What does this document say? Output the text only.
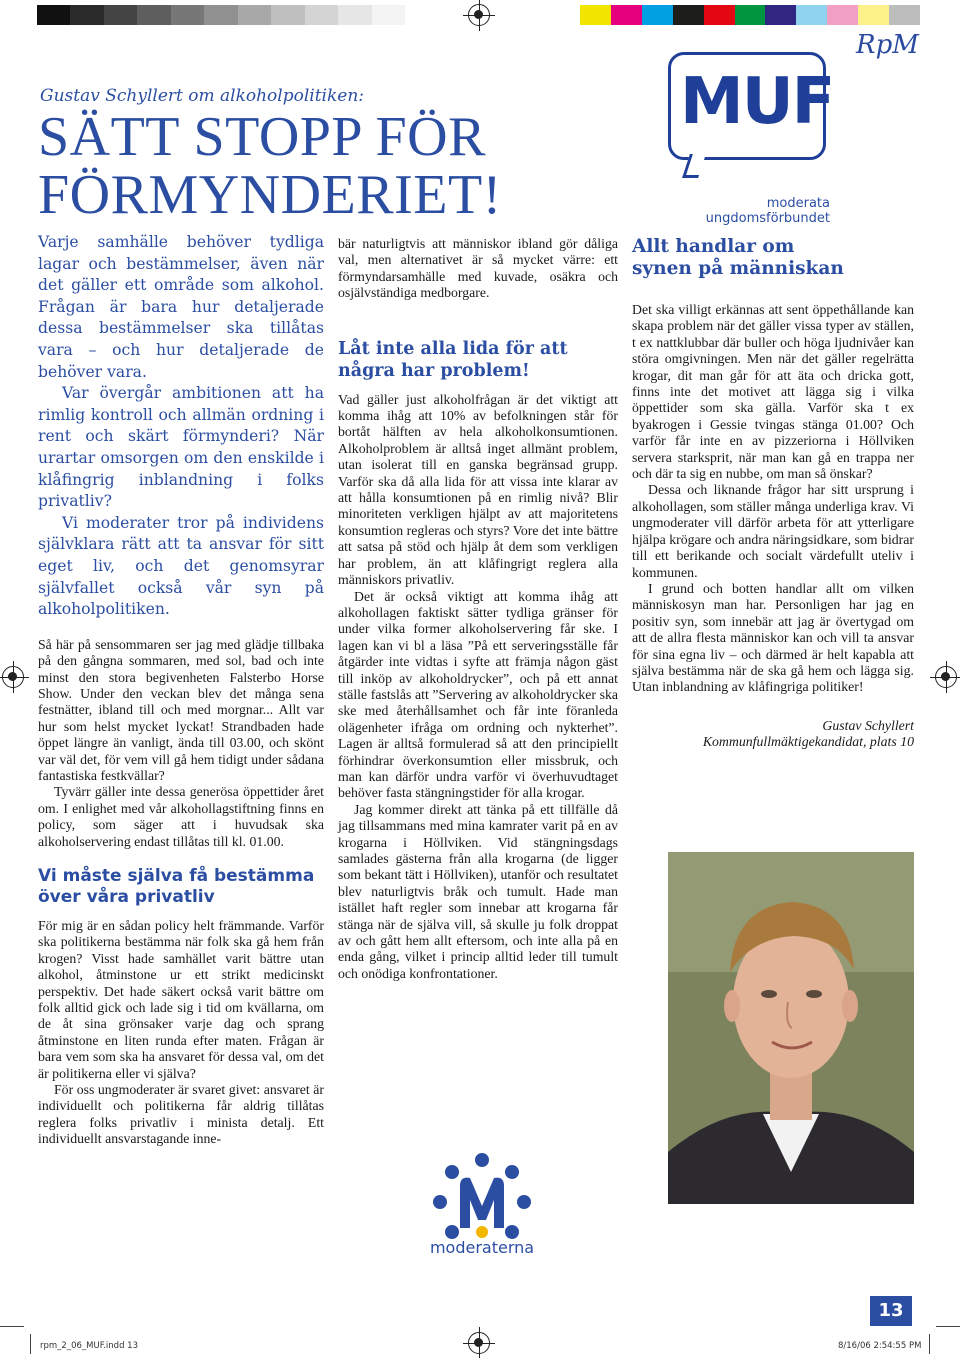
RpM
Gustav Schyllert om alkoholpolitiken:
SÄTT STOPP FÖR FÖRMYNDERIET!

Varje samhälle behöver tydliga lagar och bestämmelser, även när det gäller ett område som alkohol. Frågan är bara hur detaljerade dessa bestämmelser ska tillåtas vara – och hur detaljerade de behöver vara.

Var övergår ambitionen att ha rimlig kontroll och allmän ordning i rent och skärt förmynderi? När urartar omsorgen om den enskilde i klåfingrig inblandning i folks privatliv?

Vi moderater tror på individens självklara rätt att ta ansvar för sitt eget liv, och det genomsyrar självfallet också vår syn på alkoholpolitiken.

Så här på sensommaren ser jag med glädje tillbaka på den gångna sommaren, med sol, bad och inte minst den stora begivenheten Falsterbo Horse Show. Under den veckan blev det många sena festnätter, ibland till och med morgnar... Allt var hur som helst mycket lyckat! Strandbaden hade öppet längre än vanligt, ända till 03.00, och skönt var väl det, för vem vill gå hem tidigt under sådana fantastiska festkvällar?

Tyvärr gäller inte dessa generösa öppettider året om. I enlighet med vår alkohollagstiftning finns en policy, som säger att i huvudsak ska alkoholservering endast tillåtas till kl. 01.00.

Vi måste själva få bestämma över våra privatliv

För mig är en sådan policy helt främmande. Varför ska politikerna bestämma när folk ska gå hem från krogen? Visst hade samhället varit bättre utan alkohol, åtminstone ur ett strikt medicinskt perspektiv. Det hade säkert också varit bättre om folk alltid gick och lade sig i tid om kvällarna, om de åt sina grönsaker varje dag och sprang åtminstone en liten runda efter maten. Frågan är bara vem som ska ha ansvaret för dessa val, om det är politikerna eller vi själva?

För oss ungmoderater är svaret givet: ansvaret är individuellt och politikerna får aldrig tillåtas reglera folks privatliv i minista detalj. Ett individuellt ansvarstagande inne-

bär naturligtvis att människor ibland gör dåliga val, men alternativet är så mycket värre: ett förmyndarsamhälle med kuvade, osäkra och osjälvständiga medborgare.

Låt inte alla lida för att några har problem!

Vad gäller just alkoholfrågan är det viktigt att komma ihåg att 10% av befolkningen står för bortåt hälften av hela alkoholkonsumtionen. Alkoholproblem är alltså inget allmänt problem, utan isolerat till en ganska begränsad grupp. Varför ska då alla lida för att vissa inte klarar av att hålla konsumtionen på en rimlig nivå? Blir minoriteten verkligen hjälpt av att majoritetens konsumtion regleras och styrs? Vore det inte bättre att satsa på stöd och hjälp åt dem som verkligen har problem, än att klåfingrigt reglera alla människors privatliv.

Det är också viktigt att komma ihåg att alkohollagen faktiskt sätter tydliga gränser för under vilka former alkoholservering får ske. I lagen kan vi bl a läsa ”På ett serveringsställe får åtgärder inte vidtas i syfte att främja någon gäst till inköp av alkoholdrycker”, och på ett annat ställe fastslås att ”Servering av alkoholdrycker ska ske med återhållsamhet och får inte föranleda olägenheter ifråga om ordning och nykterhet”. Lagen är alltså formulerad så att den principiellt förhindrar överkonsumtion eller missbruk, och man kan därför undra varför vi överhuvudtaget behöver fasta stängningstider för alla krogar.

Jag kommer direkt att tänka på ett tillfälle då jag tillsammans med mina kamrater varit på en av krogarna i Höllviken. Vid stängningsdags samlades gästerna från alla krogarna (de ligger som bekant tätt i Höllviken), utanför och resultatet blev naturligtvis bråk och tumult. Hade man istället haft regler som innebar att krogarna får stänga när de själva vill, så skulle ju folk droppat av och gått hem allt eftersom, och inte alla på en enda gång, vilket i princip alltid leder till tumult och onödiga konfrontationer.

MUF
moderata
ungdomsförbundet
Allt handlar om synen på människan

Det ska villigt erkännas att sent öppethållande kan skapa problem när det gäller vissa typer av ställen, t ex nattklubbar där buller och höga ljudnivåer kan störa omgivningen. Men när det gäller regelrätta krogar, dit man går för att äta och dricka gott, finns inte det motivet att lägga sig i vilka öppettider som ska gälla. Varför ska t ex byakrogen i Gessie tvingas stänga 01.00? Och varför får inte en av pizzeriorna i Höllviken servera starksprit, när man kan gå en trappa ner och där ta sig en nubbe, om man så önskar?

Dessa och liknande frågor har sitt ursprung i alkohollagen, som ställer många underliga krav. Vi ungmoderater vill därför arbeta för att ytterligare hjälpa krögare och andra näringsidkare, som bidrar till ett berikande och socialt värdefullt uteliv i kommunen.

I grund och botten handlar allt om vilken människosyn man har. Personligen har jag en positiv syn, som innebär att jag är övertygad om att de allra flesta människor kan och vill ta ansvar för sina egna liv – och därmed är helt kapabla att själva bestämma när de ska gå hem och lägga sig. Utan inblandning av klåfingriga politiker!

Gustav Schyllert
Kommunfullmäktigekandidat, plats 10
moderaterna
13
rpm_2_06_MUF.indd 13	8/16/06 2:54:55 PM
